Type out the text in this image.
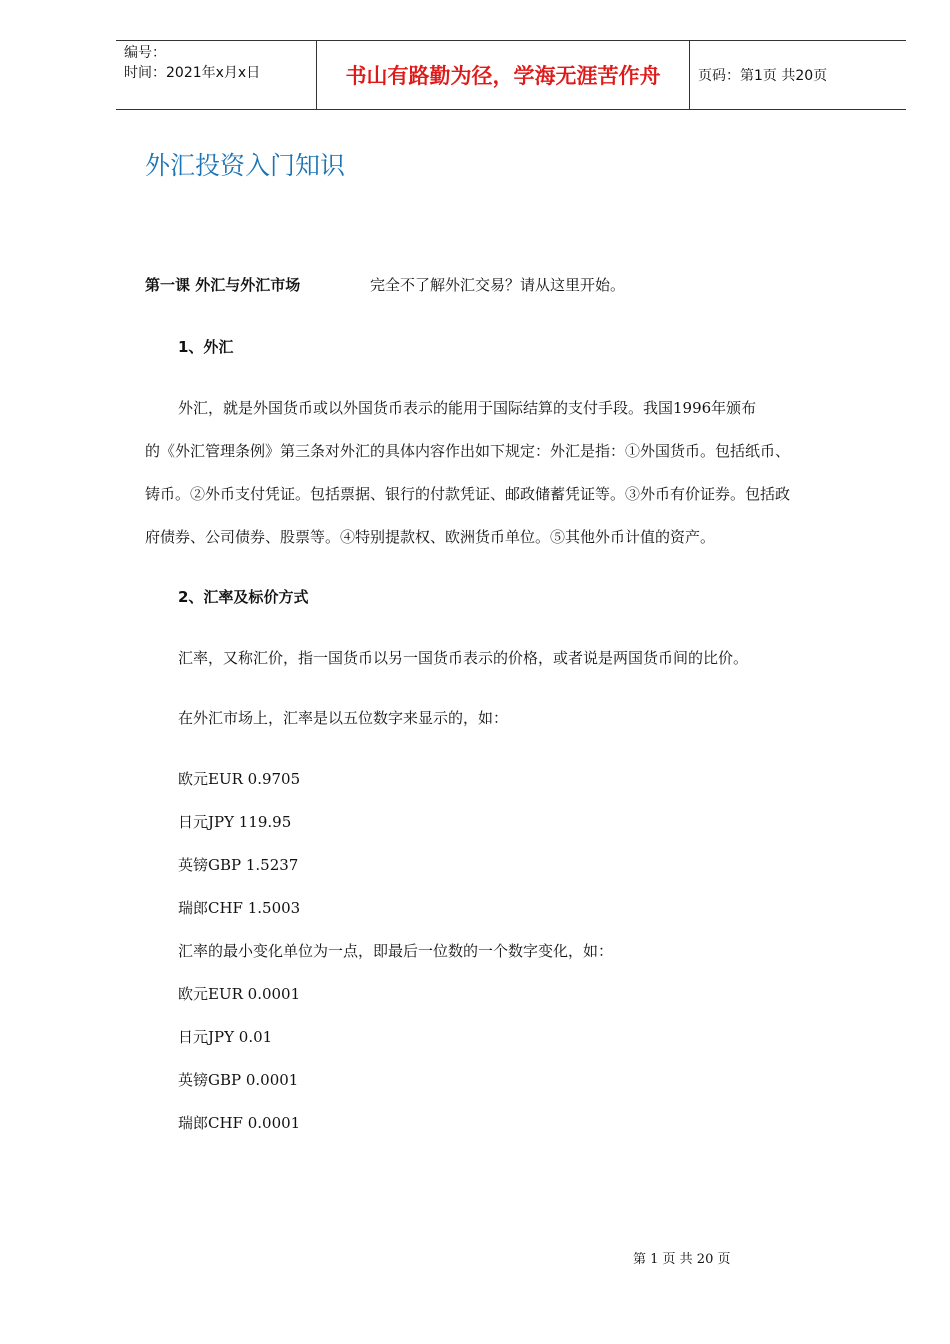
编号：
时间：2021年x月x日	书山有路勤为径，学海无涯苦作舟	页码：第1页 共20页
外汇投资入门知识
第一课 外汇与外汇市场	完全不了解外汇交易？请从这里开始。
1、外汇
外汇，就是外国货币或以外国货币表示的能用于国际结算的支付手段。我国1996年颁布
的《外汇管理条例》第三条对外汇的具体内容作出如下规定：外汇是指：①外国货币。包括纸币、
铸币。②外币支付凭证。包括票据、银行的付款凭证、邮政储蓄凭证等。③外币有价证券。包括政
府债券、公司债券、股票等。④特别提款权、欧洲货币单位。⑤其他外币计值的资产。
2、汇率及标价方式
汇率，又称汇价，指一国货币以另一国货币表示的价格，或者说是两国货币间的比价。
在外汇市场上，汇率是以五位数字来显示的，如：
欧元EUR 0.9705
日元JPY 119.95
英镑GBP 1.5237
瑞郎CHF 1.5003
汇率的最小变化单位为一点，即最后一位数的一个数字变化，如：
欧元EUR 0.0001
日元JPY 0.01
英镑GBP 0.0001
瑞郎CHF 0.0001
第 1 页 共 20 页
